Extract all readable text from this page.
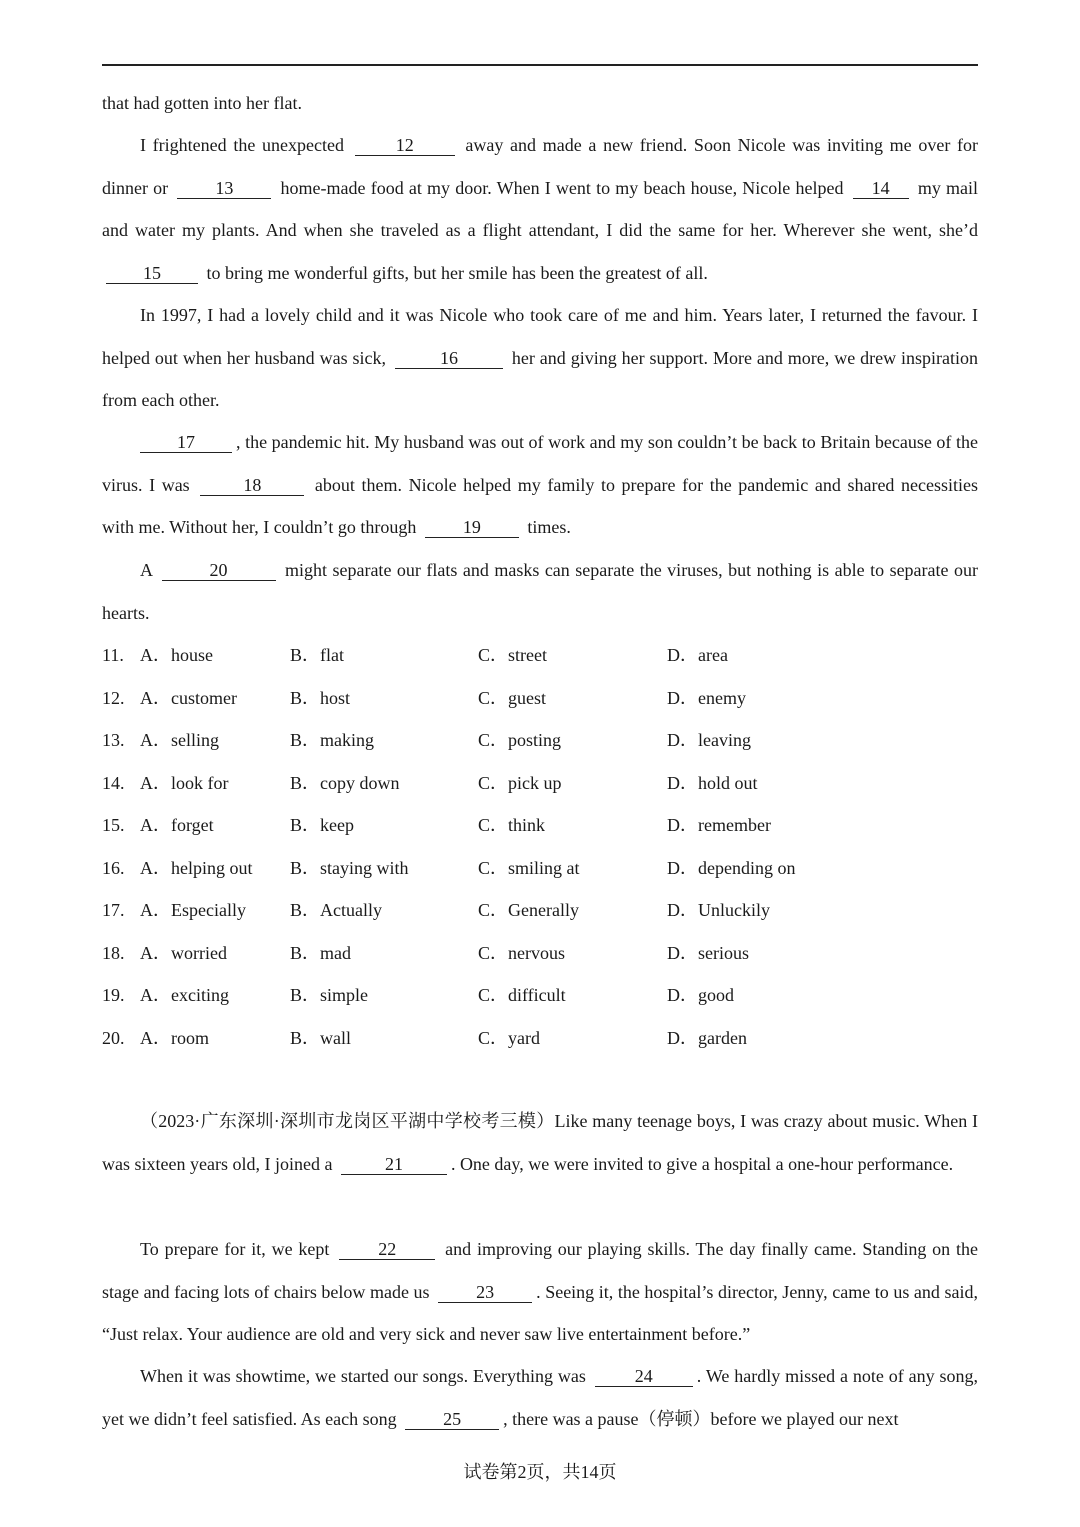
that had gotten into her flat.
I frightened the unexpected	12	away and made a new friend. Soon Nicole was inviting me over for dinner or	13	home-made food at my door. When I went to my beach house, Nicole helped 14 my mail and water my plants. And when she traveled as a flight attendant, I did the same for her. Wherever she went, she’d 15	to bring me wonderful gifts, but her smile has been the greatest of all.
In 1997, I had a lovely child and it was Nicole who took care of me and him. Years later, I returned the favour. I helped out when her husband was sick,	16	her and giving her support. More and more, we drew inspiration from each other.
17 , the pandemic hit. My husband was out of work and my son couldn’t be back to Britain because of the virus. I was	18	about them. Nicole helped my family to prepare for the pandemic and shared necessities with me. Without her, I couldn’t go through	19	times.
A	20	might separate our flats and masks can separate the viruses, but nothing is able to separate our hearts.
11. A．house	B．flat	C．street	D．area
12. A．customer	B．host	C．guest	D．enemy
13. A．selling	B．making	C．posting	D．leaving
14. A．look for	B．copy down	C．pick up	D．hold out
15. A．forget	B．keep	C．think	D．remember
16. A．helping out B．staying with	C．smiling at	D．depending on
17. A．Especially B．Actually	C．Generally	D．Unluckily
18. A．worried	B．mad	C．nervous	D．serious
19. A．exciting	B．simple	C．difficult	D．good
20. A．room	B．wall	C．yard	D．garden
（2023·广东深圳·深圳市龙岗区平湖中学校考三模）Like many teenage boys, I was crazy about music. When I was sixteen years old, I joined a	21	. One day, we were invited to give a hospital a one-hour performance.
To prepare for it, we kept	22	and improving our playing skills. The day finally came. Standing on the stage and facing lots of chairs below made us	23 . Seeing it, the hospital’s director, Jenny, came to us and said, “Just relax. Your audience are old and very sick and never saw live entertainment before.”
When it was showtime, we started our songs. Everything was	24 . We hardly missed a note of any song, yet we didn’t feel satisfied. As each song	25 , there was a pause（停顿）before we played our next
试卷第2页，共14页
